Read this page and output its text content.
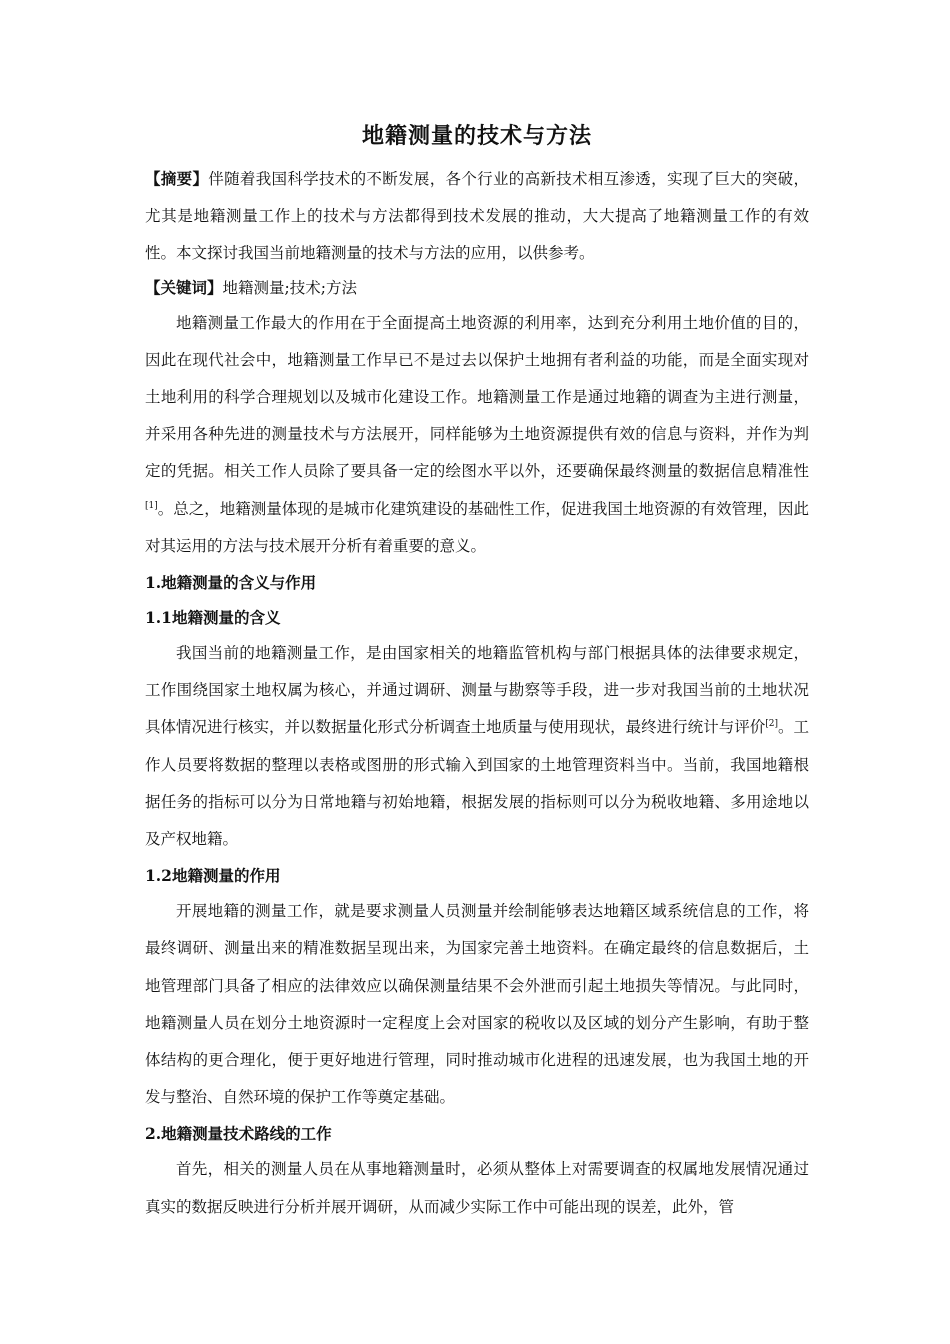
地籍测量的技术与方法

【摘要】伴随着我国科学技术的不断发展，各个行业的高新技术相互渗透，实现了巨大的突破，尤其是地籍测量工作上的技术与方法都得到技术发展的推动，大大提高了地籍测量工作的有效性。本文探讨我国当前地籍测量的技术与方法的应用，以供参考。

【关键词】地籍测量;技术;方法

地籍测量工作最大的作用在于全面提高土地资源的利用率，达到充分利用土地价值的目的，因此在现代社会中，地籍测量工作早已不是过去以保护土地拥有者利益的功能，而是全面实现对土地利用的科学合理规划以及城市化建设工作。地籍测量工作是通过地籍的调查为主进行测量，并采用各种先进的测量技术与方法展开，同样能够为土地资源提供有效的信息与资料，并作为判定的凭据。相关工作人员除了要具备一定的绘图水平以外，还要确保最终测量的数据信息精准性[1]。总之，地籍测量体现的是城市化建筑建设的基础性工作，促进我国土地资源的有效管理，因此对其运用的方法与技术展开分析有着重要的意义。

1.地籍测量的含义与作用
1.1地籍测量的含义

我国当前的地籍测量工作，是由国家相关的地籍监管机构与部门根据具体的法律要求规定，工作围绕国家土地权属为核心，并通过调研、测量与勘察等手段，进一步对我国当前的土地状况具体情况进行核实，并以数据量化形式分析调查土地质量与使用现状，最终进行统计与评价[2]。工作人员要将数据的整理以表格或图册的形式输入到国家的土地管理资料当中。当前，我国地籍根据任务的指标可以分为日常地籍与初始地籍，根据发展的指标则可以分为税收地籍、多用途地以及产权地籍。

1.2地籍测量的作用

开展地籍的测量工作，就是要求测量人员测量并绘制能够表达地籍区域系统信息的工作，将最终调研、测量出来的精准数据呈现出来，为国家完善土地资料。在确定最终的信息数据后，土地管理部门具备了相应的法律效应以确保测量结果不会外泄而引起土地损失等情况。与此同时，地籍测量人员在划分土地资源时一定程度上会对国家的税收以及区域的划分产生影响，有助于整体结构的更合理化，便于更好地进行管理，同时推动城市化进程的迅速发展，也为我国土地的开发与整治、自然环境的保护工作等奠定基础。

2.地籍测量技术路线的工作

首先，相关的测量人员在从事地籍测量时，必须从整体上对需要调查的权属地发展情况通过真实的数据反映进行分析并展开调研，从而减少实际工作中可能出现的误差，此外，管
